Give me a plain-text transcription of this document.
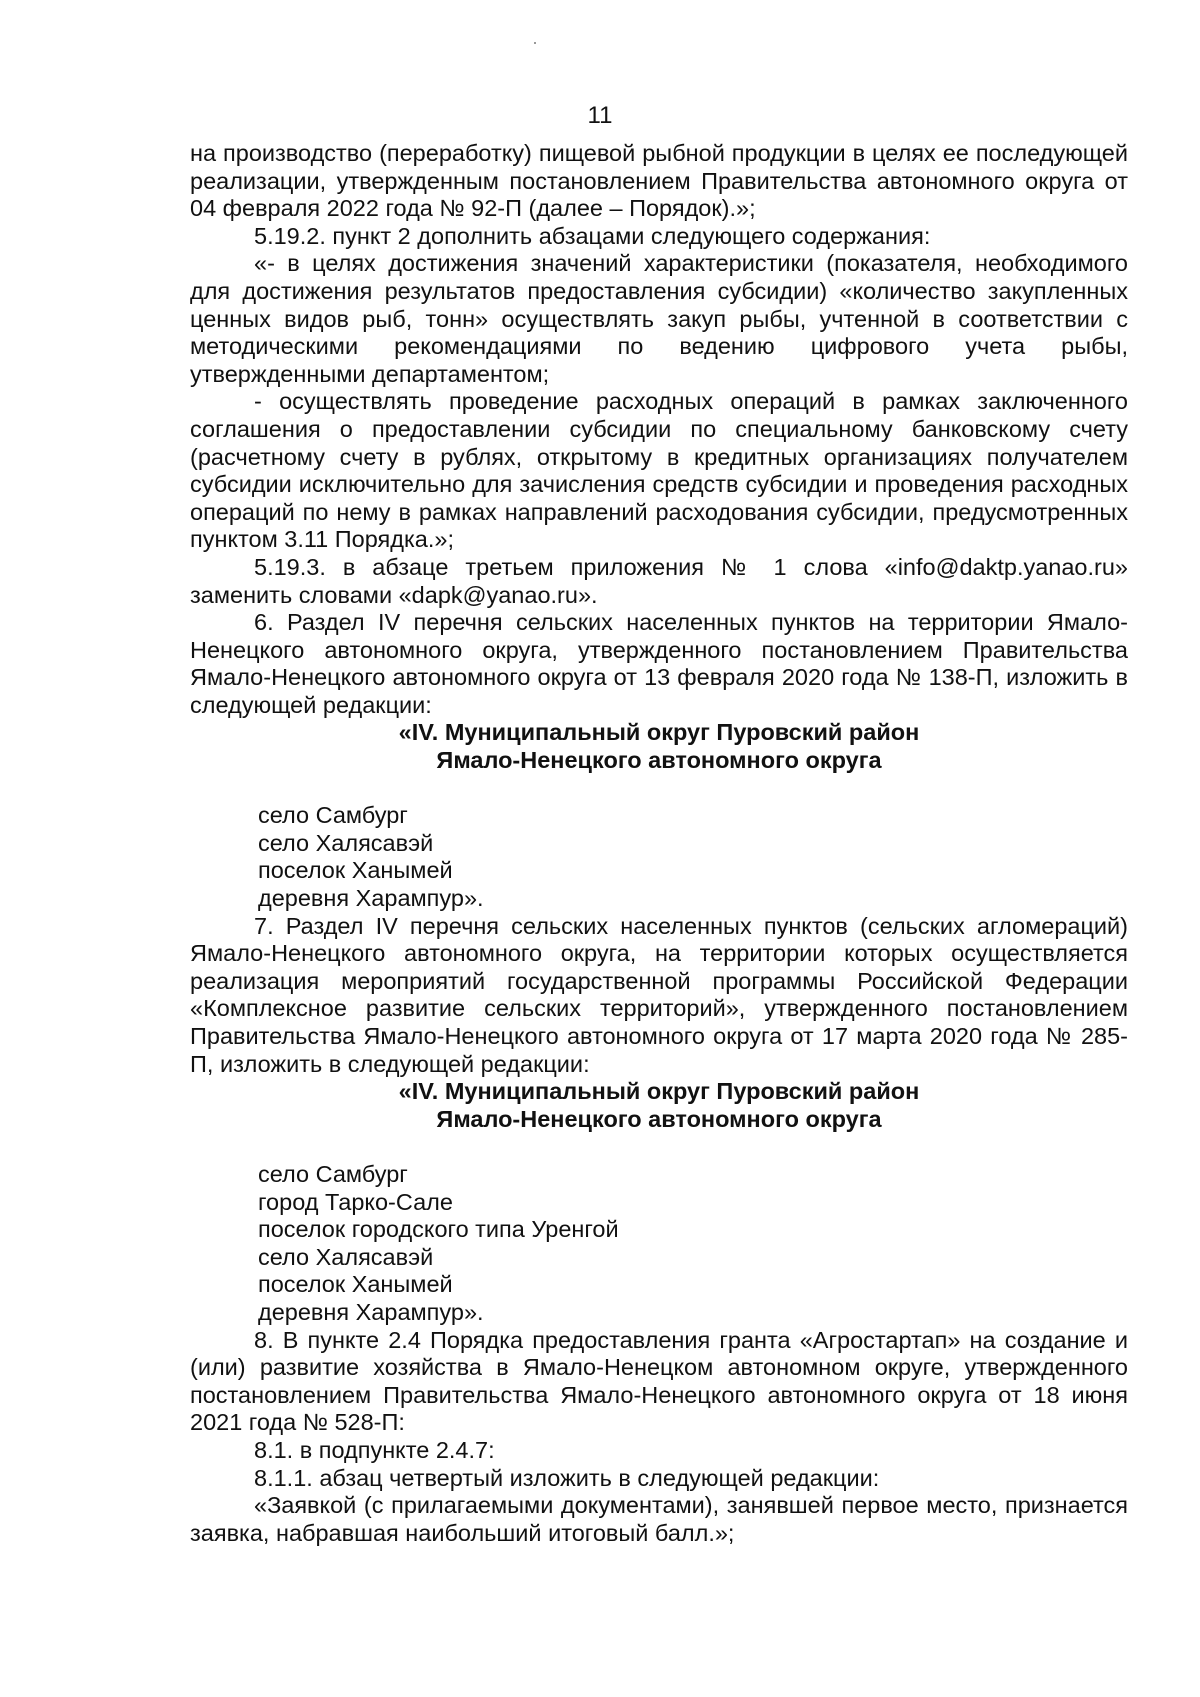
11

на производство (переработку) пищевой рыбной продукции в целях ее последующей реализации, утвержденным постановлением Правительства автономного округа от 04 февраля 2022 года № 92-П (далее – Порядок).»;

5.19.2. пункт 2 дополнить абзацами следующего содержания:

«- в целях достижения значений характеристики (показателя, необходимого для достижения результатов предоставления субсидии) «количество закупленных ценных видов рыб, тонн» осуществлять закуп рыбы, учтенной в соответствии с методическими рекомендациями по ведению цифрового учета рыбы, утвержденными департаментом;

- осуществлять проведение расходных операций в рамках заключенного соглашения о предоставлении субсидии по специальному банковскому счету (расчетному счету в рублях, открытому в кредитных организациях получателем субсидии исключительно для зачисления средств субсидии и проведения расходных операций по нему в рамках направлений расходования субсидии, предусмотренных пунктом 3.11 Порядка.»;

5.19.3. в абзаце третьем приложения № 1 слова «info@daktp.yanao.ru» заменить словами «dapk@yanao.ru».

6. Раздел IV перечня сельских населенных пунктов на территории Ямало-Ненецкого автономного округа, утвержденного постановлением Правительства Ямало-Ненецкого автономного округа от 13 февраля 2020 года № 138-П, изложить в следующей редакции:

«IV. Муниципальный округ Пуровский район

Ямало-Ненецкого автономного округа

село Самбург

село Халясавэй

поселок Ханымей

деревня Харампур».

7. Раздел IV перечня сельских населенных пунктов (сельских агломераций) Ямало-Ненецкого автономного округа, на территории которых осуществляется реализация мероприятий государственной программы Российской Федерации «Комплексное развитие сельских территорий», утвержденного постановлением Правительства Ямало-Ненецкого автономного округа от 17 марта 2020 года № 285-П, изложить в следующей редакции:

«IV. Муниципальный округ Пуровский район

Ямало-Ненецкого автономного округа

село Самбург

город Тарко-Сале

поселок городского типа Уренгой

село Халясавэй

поселок Ханымей

деревня Харампур».

8. В пункте 2.4 Порядка предоставления гранта «Агростартап» на создание и (или) развитие хозяйства в Ямало-Ненецком автономном округе, утвержденного постановлением Правительства Ямало-Ненецкого автономного округа от 18 июня 2021 года № 528-П:

8.1. в подпункте 2.4.7:

8.1.1. абзац четвертый изложить в следующей редакции:

«Заявкой (с прилагаемыми документами), занявшей первое место, признается заявка, набравшая наибольший итоговый балл.»;
